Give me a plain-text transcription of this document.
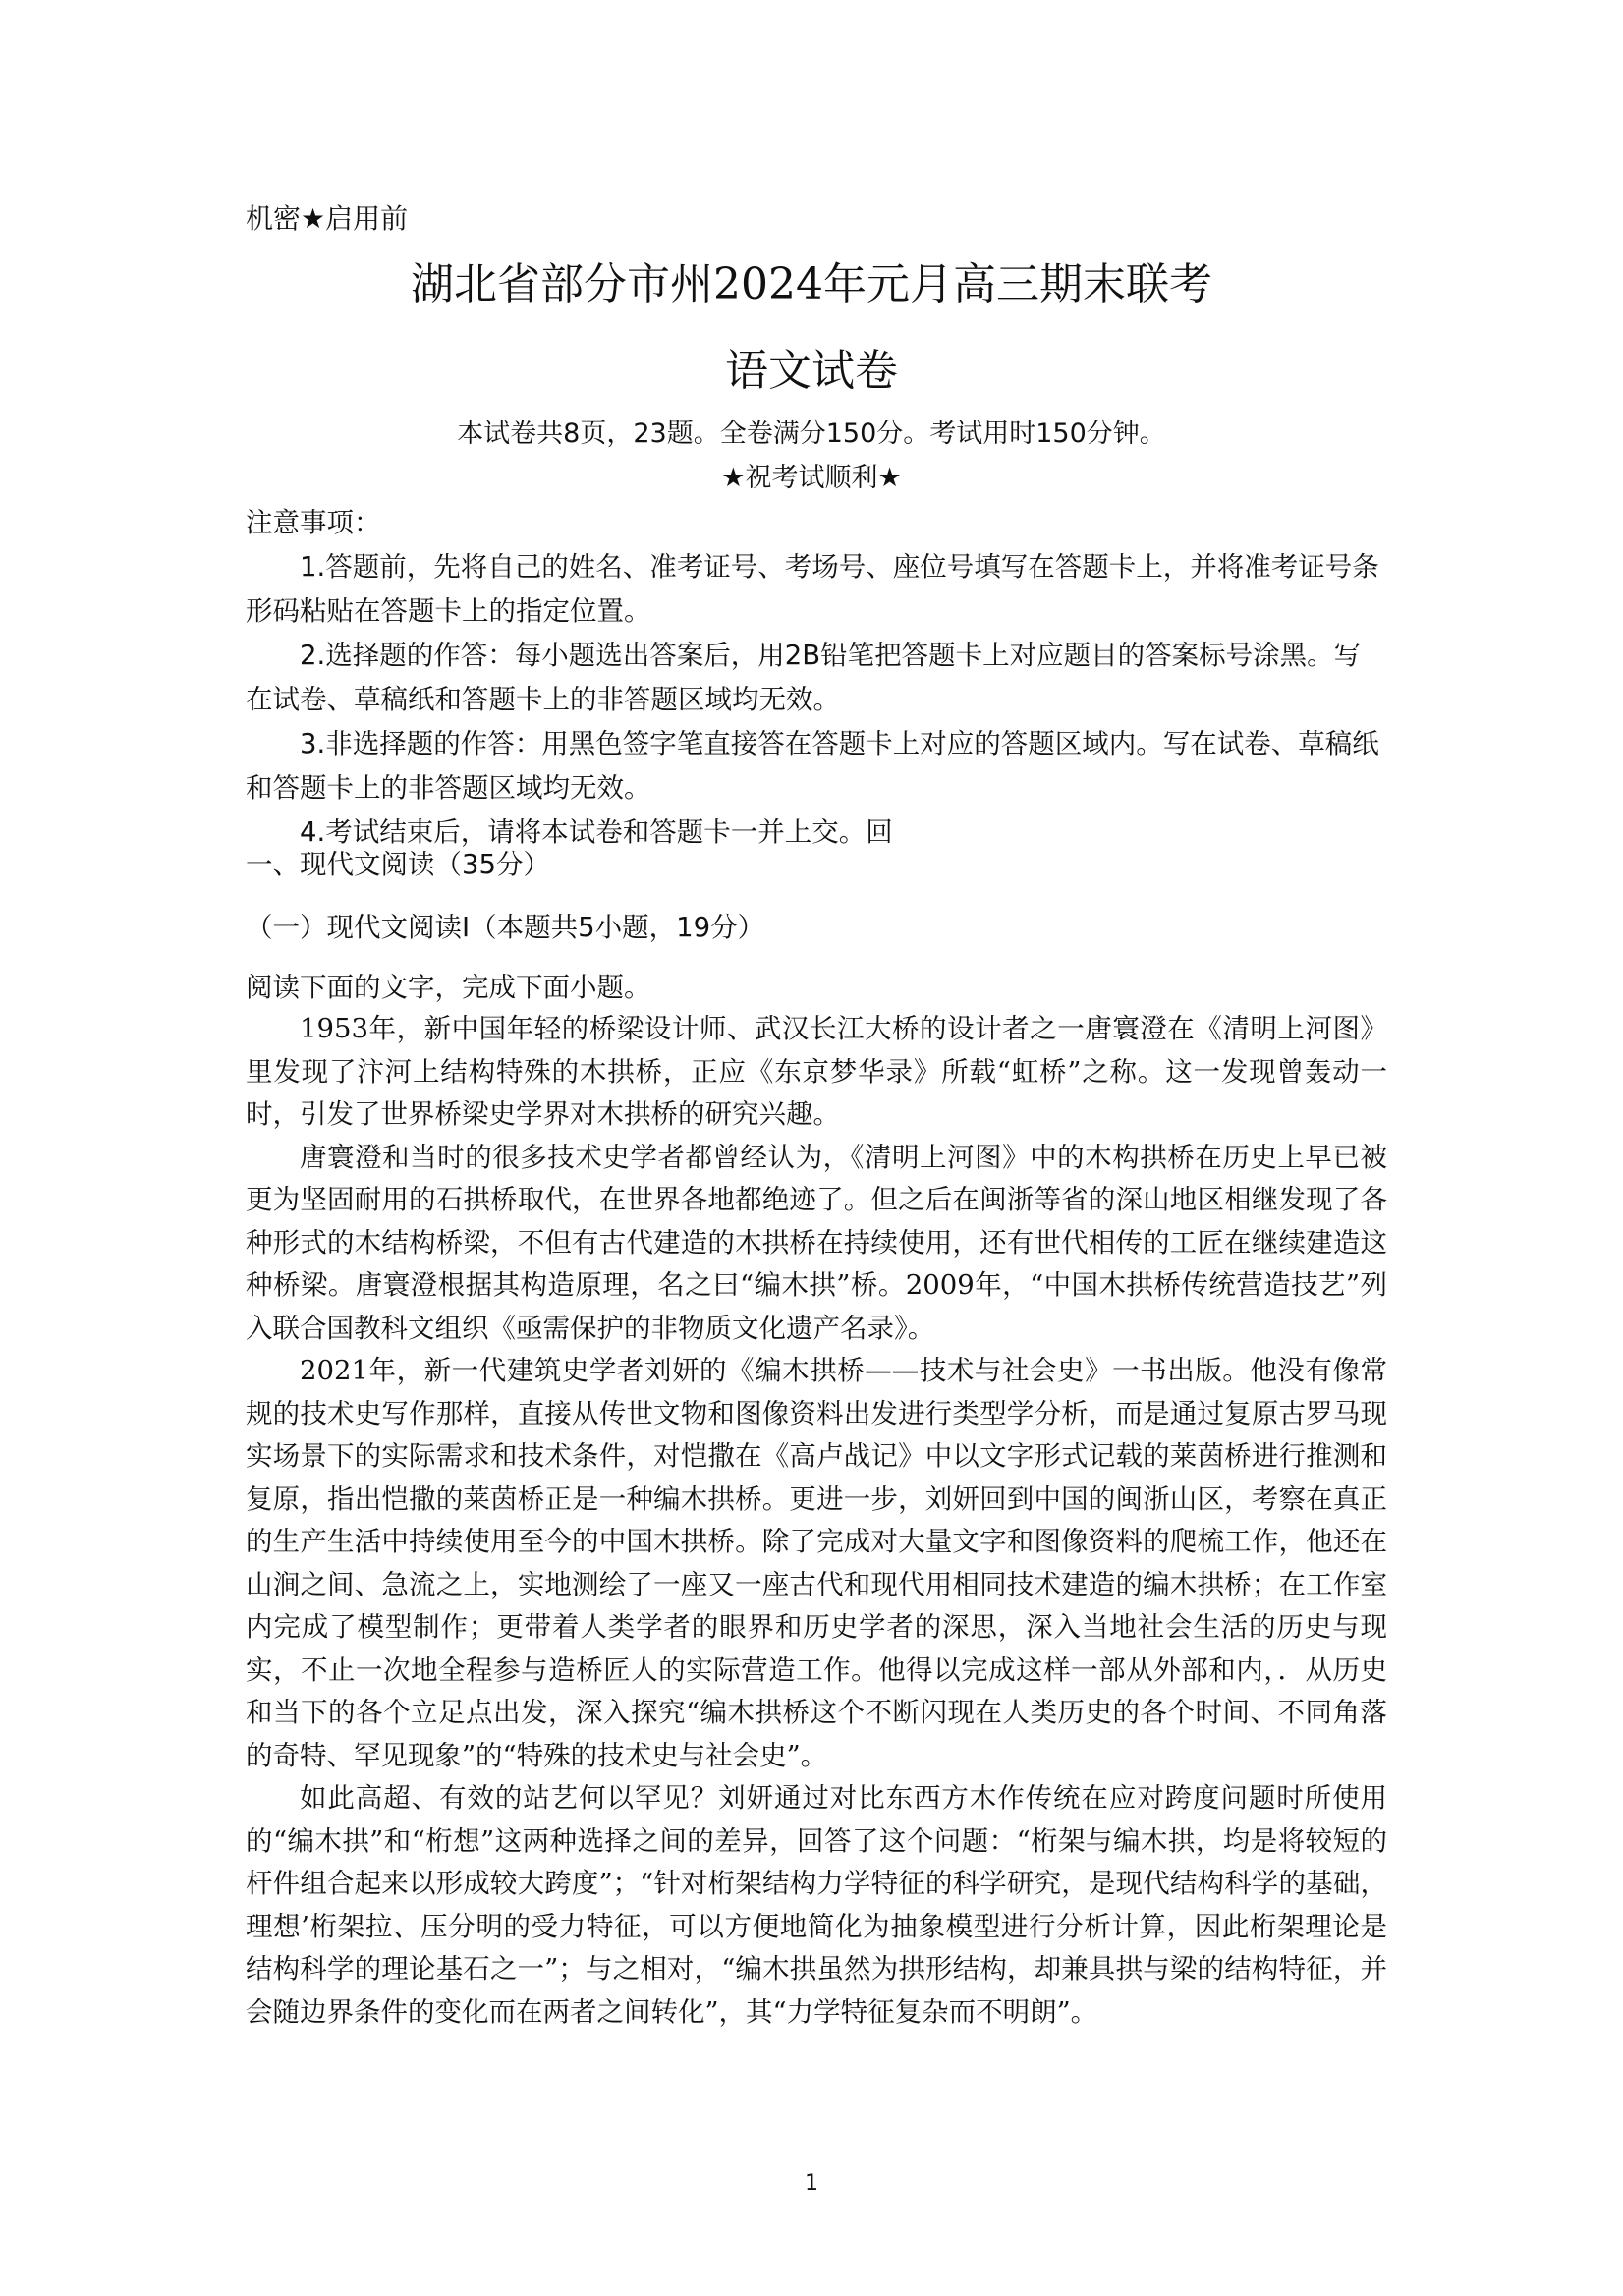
机密★启用前
湖北省部分市州2024年元月高三期末联考
语文试卷
本试卷共8页，23题。全卷满分150分。考试用时150分钟。
★祝考试顺利★

注意事项：

1.答题前，先将自己的姓名、准考证号、考场号、座位号填写在答题卡上，并将准考证号条形码粘贴在答题卡上的指定位置。

2.选择题的作答：每小题选出答案后，用2B铅笔把答题卡上对应题目的答案标号涂黑。写在试卷、草稿纸和答题卡上的非答题区域均无效。

3.非选择题的作答：用黑色签字笔直接答在答题卡上对应的答题区域内。写在试卷、草稿纸和答题卡上的非答题区域均无效。

4.考试结束后，请将本试卷和答题卡一并上交。回

一、现代文阅读（35分）
（一）现代文阅读Ⅰ（本题共5小题，19分）
阅读下面的文字，完成下面小题。

1953年，新中国年轻的桥梁设计师、武汉长江大桥的设计者之一唐寰澄在《清明上河图》里发现了汴河上结构特殊的木拱桥，正应《东京梦华录》所载“虹桥”之称。这一发现曾轰动一时，引发了世界桥梁史学界对木拱桥的研究兴趣。

唐寰澄和当时的很多技术史学者都曾经认为，《清明上河图》中的木构拱桥在历史上早已被更为坚固耐用的石拱桥取代，在世界各地都绝迹了。但之后在闽浙等省的深山地区相继发现了各种形式的木结构桥梁，不但有古代建造的木拱桥在持续使用，还有世代相传的工匠在继续建造这种桥梁。唐寰澄根据其构造原理，名之曰“编木拱”桥。2009年，“中国木拱桥传统营造技艺”列入联合国教科文组织《亟需保护的非物质文化遗产名录》。

2021年，新一代建筑史学者刘妍的《编木拱桥——技术与社会史》一书出版。他没有像常规的技术史写作那样，直接从传世文物和图像资料出发进行类型学分析，而是通过复原古罗马现实场景下的实际需求和技术条件，对恺撒在《高卢战记》中以文字形式记载的莱茵桥进行推测和复原，指出恺撒的莱茵桥正是一种编木拱桥。更进一步，刘妍回到中国的闽浙山区，考察在真正的生产生活中持续使用至今的中国木拱桥。除了完成对大量文字和图像资料的爬梳工作，他还在山涧之间、急流之上，实地测绘了一座又一座古代和现代用相同技术建造的编木拱桥；在工作室内完成了模型制作；更带着人类学者的眼界和历史学者的深思，深入当地社会生活的历史与现实，不止一次地全程参与造桥匠人的实际营造工作。他得以完成这样一部从外部和内，．从历史和当下的各个立足点出发，深入探究“编木拱桥这个不断闪现在人类历史的各个时间、不同角落的奇特、罕见现象”的“特殊的技术史与社会史”。

如此高超、有效的站艺何以罕见？刘妍通过对比东西方木作传统在应对跨度问题时所使用的“编木拱”和“桁想”这两种选择之间的差异，回答了这个问题：“桁架与编木拱，均是将较短的杆件组合起来以形成较大跨度”；“针对桁架结构力学特征的科学研究，是现代结构科学的基础，理想’桁架拉、压分明的受力特征，可以方便地简化为抽象模型进行分析计算，因此桁架理论是结构科学的理论基石之一”；与之相对，“编木拱虽然为拱形结构，却兼具拱与梁的结构特征，并会随边界条件的变化而在两者之间转化”，其“力学特征复杂而不明朗”。

1
